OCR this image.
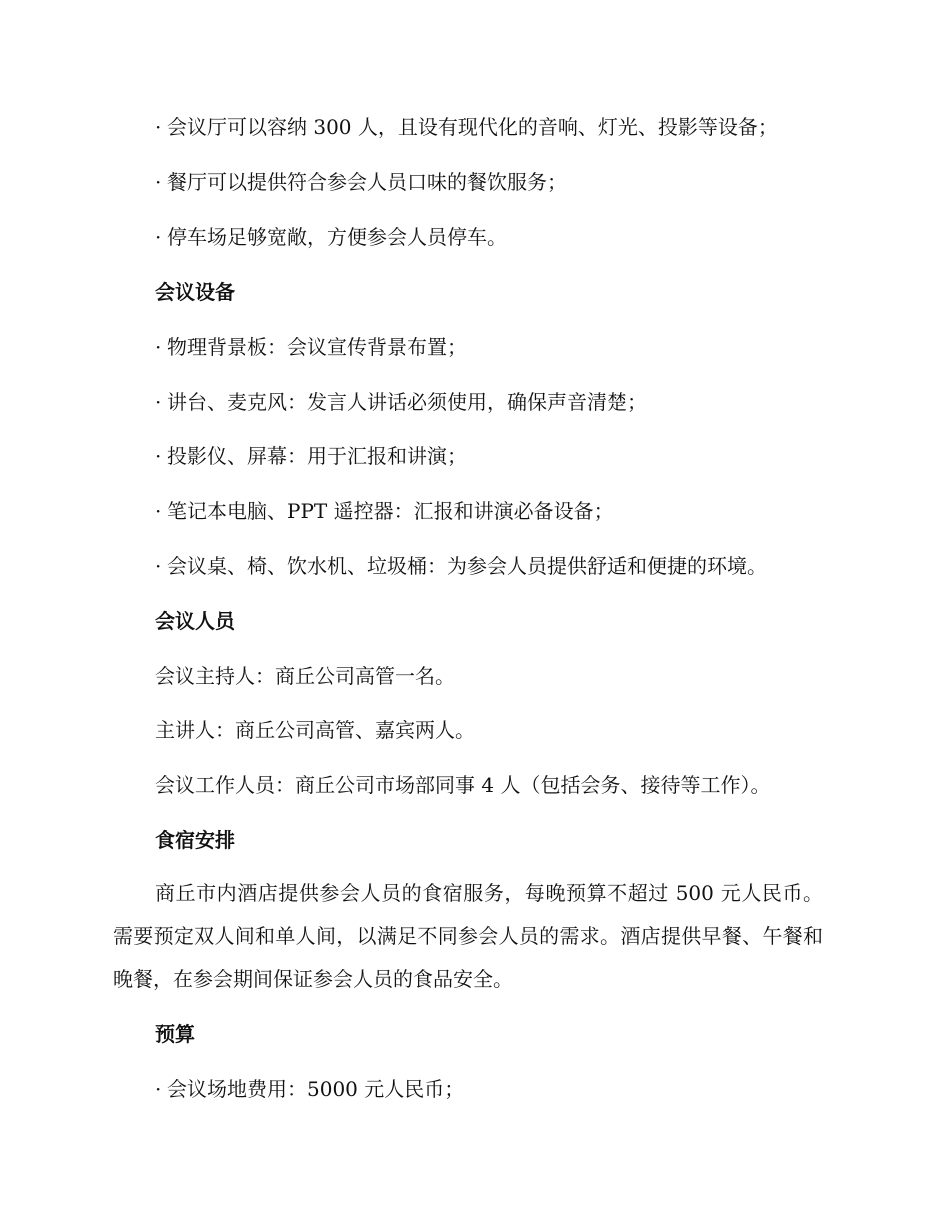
· 会议厅可以容纳 300 人，且设有现代化的音响、灯光、投影等设备；
· 餐厅可以提供符合参会人员口味的餐饮服务；
· 停车场足够宽敞，方便参会人员停车。
会议设备
· 物理背景板：会议宣传背景布置；
· 讲台、麦克风：发言人讲话必须使用，确保声音清楚；
· 投影仪、屏幕：用于汇报和讲演；
· 笔记本电脑、PPT 遥控器：汇报和讲演必备设备；
· 会议桌、椅、饮水机、垃圾桶：为参会人员提供舒适和便捷的环境。
会议人员
会议主持人：商丘公司高管一名。
主讲人：商丘公司高管、嘉宾两人。
会议工作人员：商丘公司市场部同事 4 人（包括会务、接待等工作）。
食宿安排
商丘市内酒店提供参会人员的食宿服务，每晚预算不超过 500 元人民币。需要预定双人间和单人间，以满足不同参会人员的需求。酒店提供早餐、午餐和晚餐，在参会期间保证参会人员的食品安全。
预算
· 会议场地费用：5000 元人民币；
